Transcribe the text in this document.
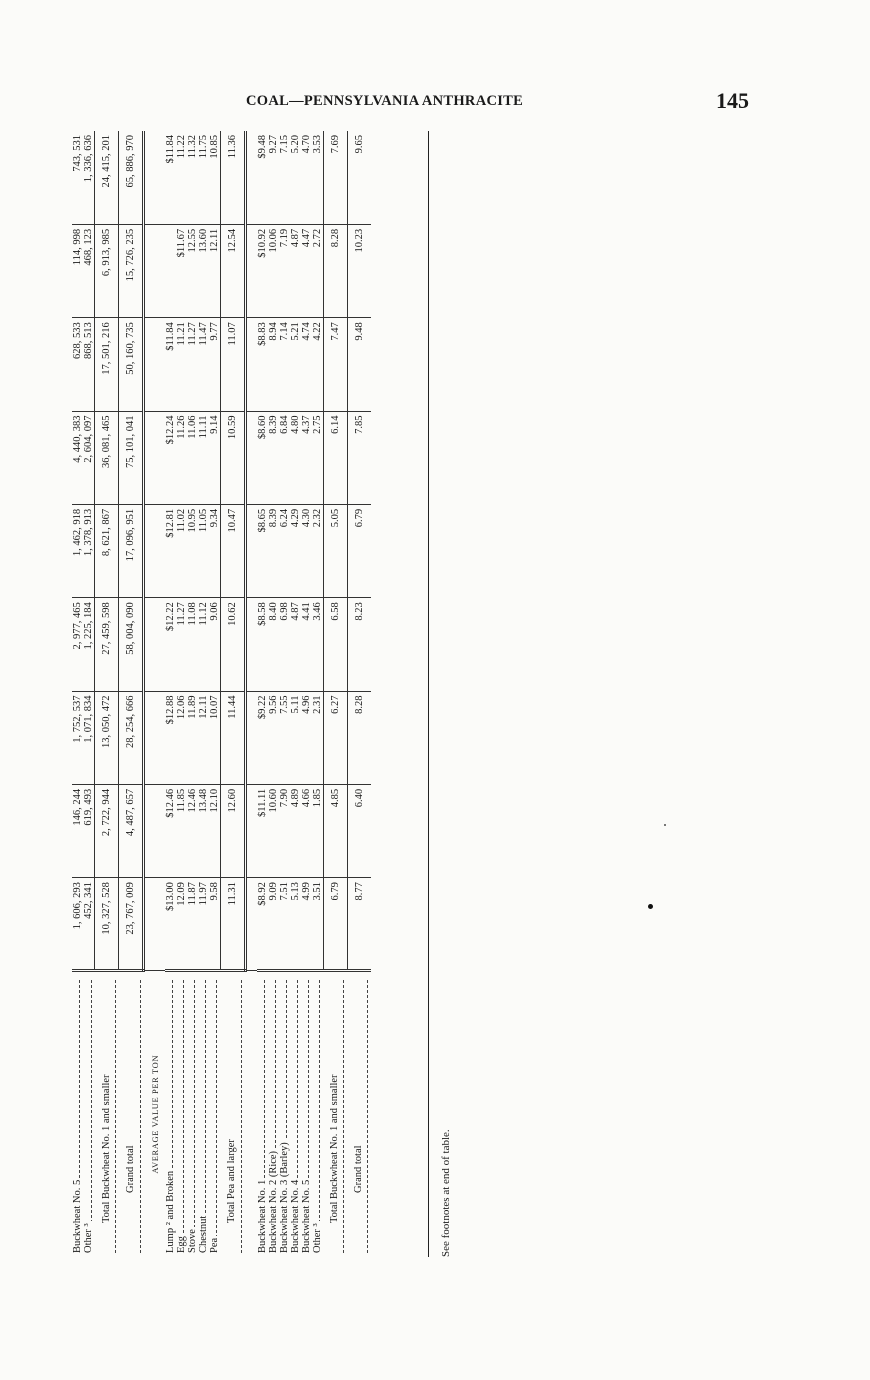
COAL—PENNSYLVANIA ANTHRACITE	145
Buckwheat No. 5	1, 606, 293	146, 244	1, 752, 537	2, 977, 465	1, 462, 918	4, 440, 383	628, 533	114, 998	743, 531
Other ³	452, 341	619, 493	1, 071, 834	1, 225, 184	1, 378, 913	2, 604, 097	868, 513	468, 123	1, 336, 636
Total Buckwheat No. 1 and smaller	10, 327, 528	2, 722, 944	13, 050, 472	27, 459, 598	8, 621, 867	36, 081, 465	17, 501, 216	6, 913, 985	24, 415, 201
Grand total	23, 767, 009	4, 487, 657	28, 254, 666	58, 004, 090	17, 096, 951	75, 101, 041	50, 160, 735	15, 726, 235	65, 886, 970
AVERAGE VALUE PER TON									
Lump ² and Broken	$13.00	$12.46	$12.88	$12.22	$12.81	$12.24	$11.84		$11.84
Egg	12.09	11.85	12.06	11.27	11.02	11.26	11.21	$11.67	11.22
Stove	11.87	12.46	11.89	11.08	10.95	11.06	11.27	12.55	11.32
Chestnut	11.97	13.48	12.11	11.12	11.05	11.11	11.47	13.60	11.75
Pea	9.58	12.10	10.07	9.06	9.34	9.14	9.77	12.11	10.85
Total Pea and larger	11.31	12.60	11.44	10.62	10.47	10.59	11.07	12.54	11.36

Buckwheat No. 1	$8.92	$11.11	$9.22	$8.58	$8.65	$8.60	$8.83	$10.92	$9.48
Buckwheat No. 2 (Rice)	9.09	10.60	9.56	8.40	8.39	8.39	8.94	10.06	9.27
Buckwheat No. 3 (Barley)	7.51	7.90	7.55	6.98	6.24	6.84	7.14	7.19	7.15
Buckwheat No. 4	5.13	4.89	5.11	4.87	4.29	4.80	5.21	4.87	5.20
Buckwheat No. 5	4.99	4.66	4.96	4.41	4.30	4.37	4.74	4.47	4.70
Other ³	3.51	1.85	2.31	3.46	2.32	2.75	4.22	2.72	3.53
Total Buckwheat No. 1 and smaller	6.79	4.85	6.27	6.58	5.05	6.14	7.47	8.28	7.69
Grand total	8.77	6.40	8.28	8.23	6.79	7.85	9.48	10.23	9.65
See footnotes at end of table.
